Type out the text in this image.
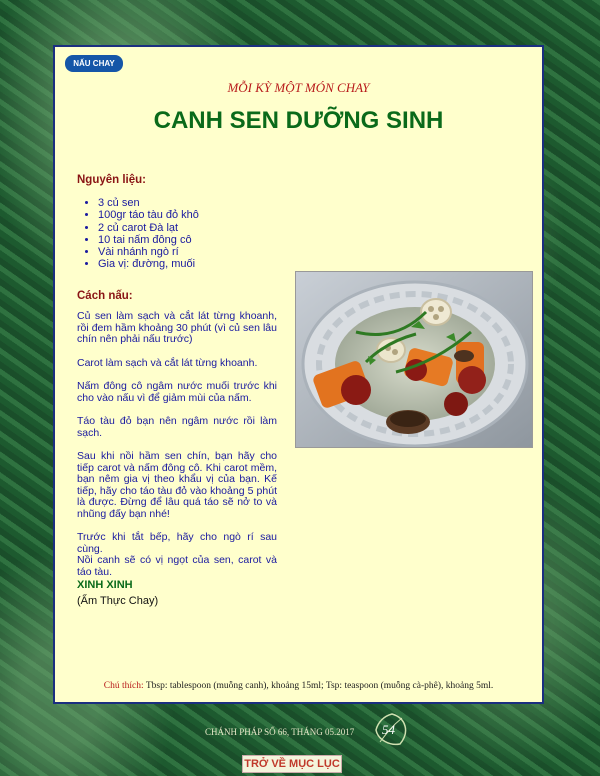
NẤU CHAY
MỖI KỲ MỘT MÓN CHAY
CANH SEN DƯỠNG SINH
Nguyên liệu:
• 3 củ sen
• 100gr táo tàu đỏ khô
• 2 củ carot Đà lạt
• 10 tai nấm đông cô
• Vài nhánh ngò rí
• Gia vị: đường, muối
Cách nấu:

Củ sen làm sạch và cắt lát từng khoanh, rồi đem hầm khoảng 30 phút (vì củ sen lâu chín nên phải nấu trước)

Carot làm sạch và cắt lát từng khoanh.

Nấm đông cô ngâm nước muối trước khi cho vào nấu vì để giảm mùi của nấm.

Táo tàu đỏ bạn nên ngâm nước rồi làm sạch.

Sau khi nồi hầm sen chín, bạn hãy cho tiếp carot và nấm đông cô. Khi carot mềm, bạn nêm gia vị theo khẩu vị của bạn. Kế tiếp, hãy cho táo tàu đỏ vào khoảng 5 phút là được. Đừng để lâu quá táo sẽ nở to và nhũng đấy bạn nhé!

Trước khi tắt bếp, hãy cho ngò rí sau cùng.
Nồi canh sẽ có vị ngọt của sen, carot và táo tàu.

XINH XINH
(Ẩm Thực Chay)
Chú thích: Tbsp: tablespoon (muỗng canh), khoảng 15ml; Tsp: teaspoon (muỗng cà-phê), khoảng 5ml.
CHÁNH PHÁP SỐ 66, THÁNG 05.2017 54
TRỞ VỀ MỤC LỤC
